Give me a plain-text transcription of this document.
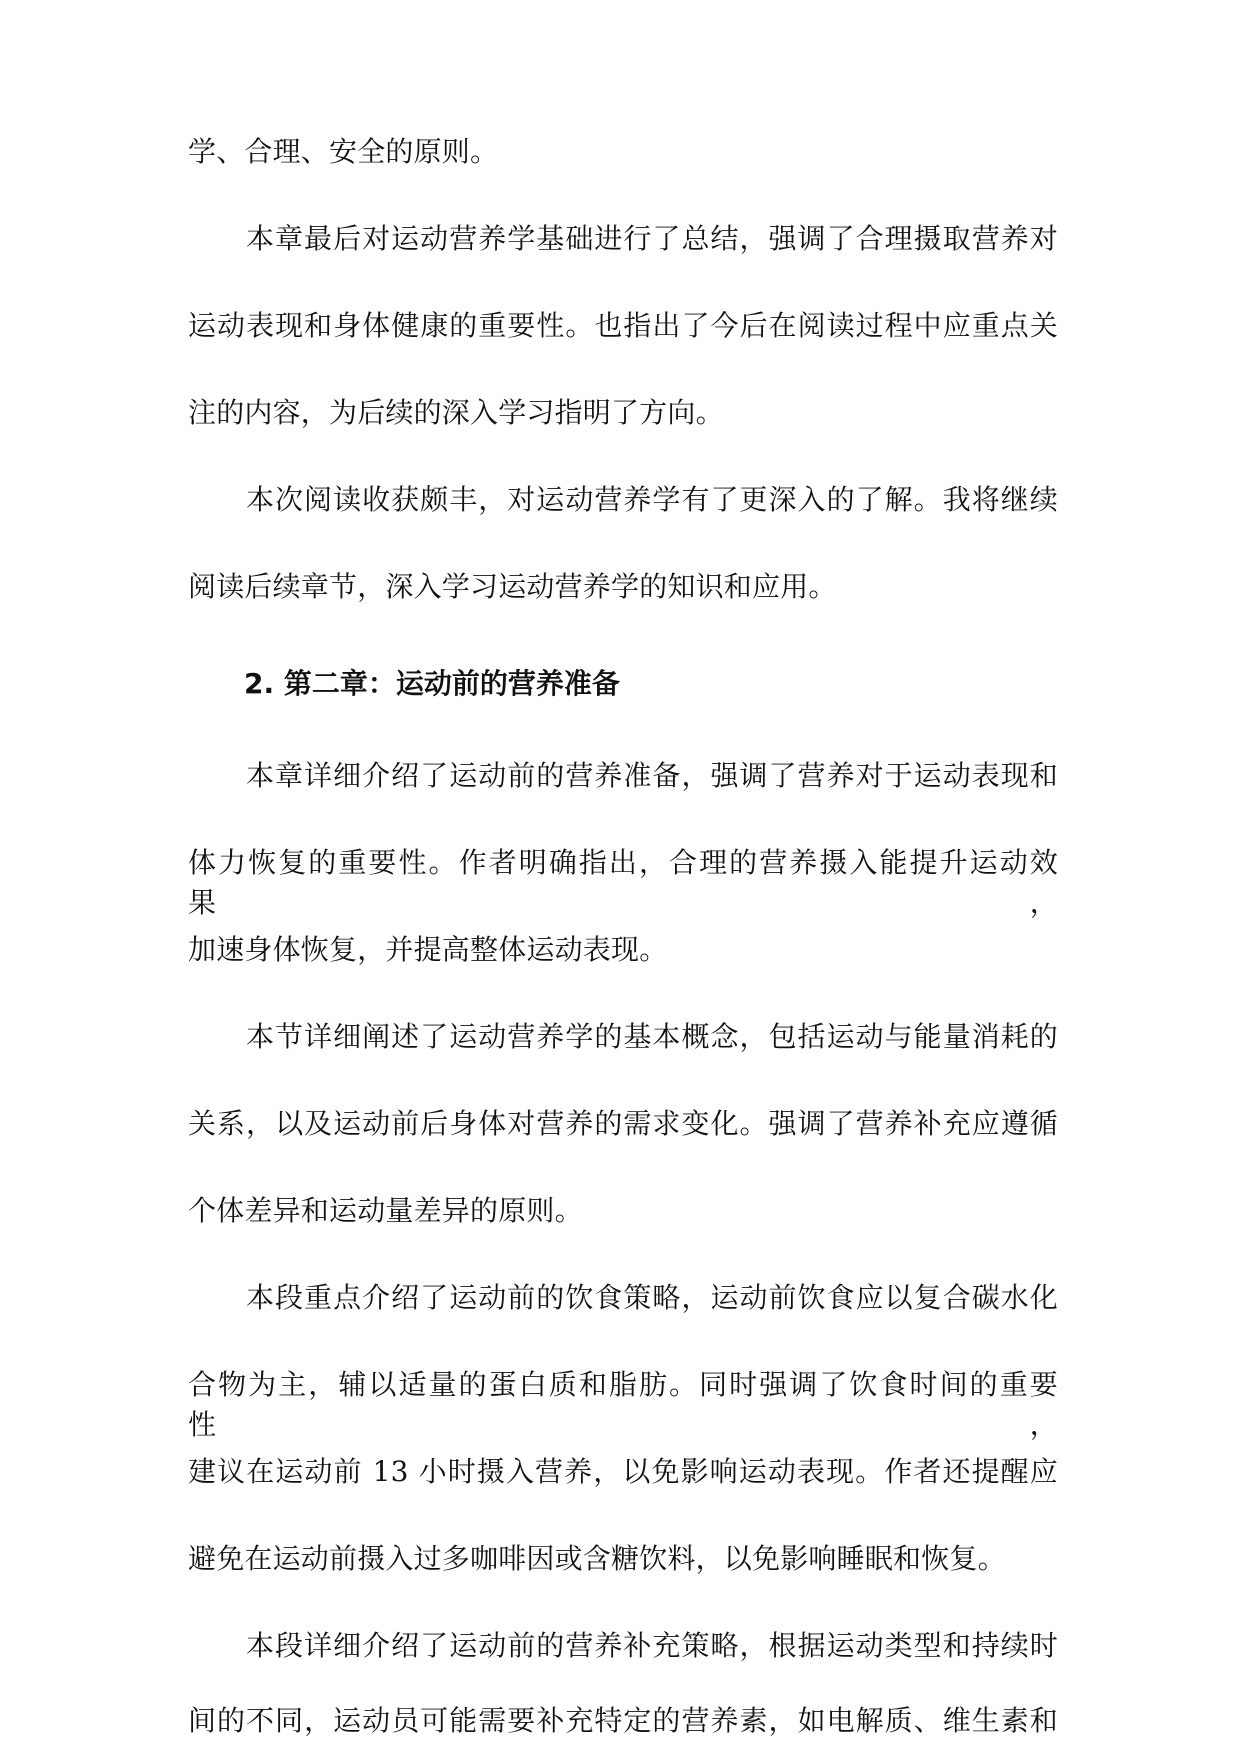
学、合理、安全的原则。
本章最后对运动营养学基础进行了总结，强调了合理摄取营养对
运动表现和身体健康的重要性。也指出了今后在阅读过程中应重点关
注的内容，为后续的深入学习指明了方向。
本次阅读收获颇丰，对运动营养学有了更深入的了解。我将继续
阅读后续章节，深入学习运动营养学的知识和应用。
2. 第二章：运动前的营养准备
本章详细介绍了运动前的营养准备，强调了营养对于运动表现和
体力恢复的重要性。作者明确指出，合理的营养摄入能提升运动效果，
加速身体恢复，并提高整体运动表现。
本节详细阐述了运动营养学的基本概念，包括运动与能量消耗的
关系，以及运动前后身体对营养的需求变化。强调了营养补充应遵循
个体差异和运动量差异的原则。
本段重点介绍了运动前的饮食策略，运动前饮食应以复合碳水化
合物为主，辅以适量的蛋白质和脂肪。同时强调了饮食时间的重要性，
建议在运动前 13 小时摄入营养，以免影响运动表现。作者还提醒应
避免在运动前摄入过多咖啡因或含糖饮料，以免影响睡眠和恢复。
本段详细介绍了运动前的营养补充策略，根据运动类型和持续时
间的不同，运动员可能需要补充特定的营养素，如电解质、维生素和
